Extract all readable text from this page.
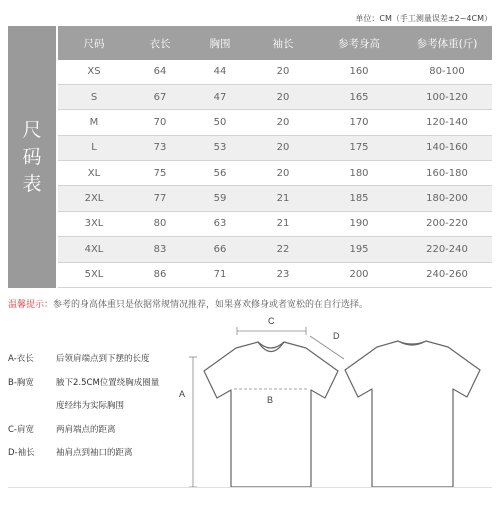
单位：CM（手工测量误差±2~4CM）
尺
码
表
尺码	衣长	胸围	袖长	参考身高	参考体重(斤)
XS	64	44	20	160	80-100
S	67	47	20	165	100-120
M	70	50	20	170	120-140
L	73	53	20	175	140-160
XL	75	56	20	180	160-180
2XL	77	59	21	185	180-200
3XL	80	63	21	190	200-220
4XL	83	66	22	195	220-240
5XL	86	71	23	200	240-260
温馨提示：参考的身高体重只是依据常规情况推荐，如果喜欢修身或者宽松的在自行选择。
C
D
A
B
A-衣长	后领肩端点到下摆的长度
B-胸宽	腋下2.5CM位置绕胸成圈量
度经纬为实际胸围
C-肩宽	两肩端点的距离
D-袖长	袖肩点到袖口的距离
